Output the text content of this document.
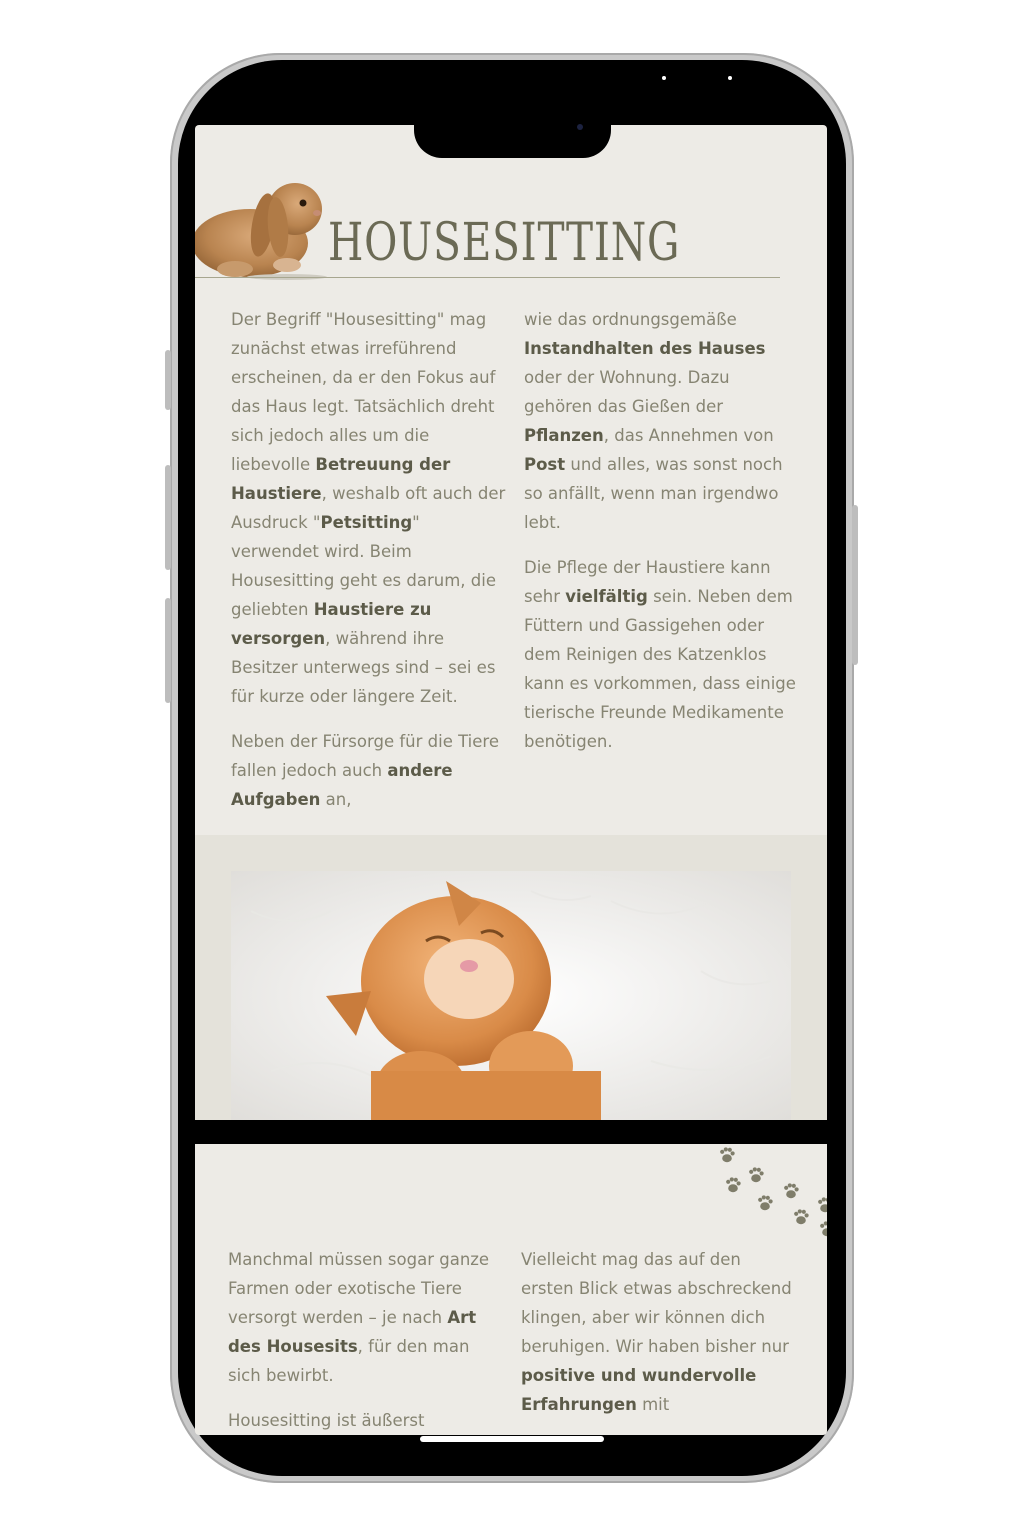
HOUSESITTING

Der Begriff "Housesitting" mag zunächst etwas irreführend erscheinen, da er den Fokus auf das Haus legt. Tatsächlich dreht sich jedoch alles um die liebevolle Betreuung der Haustiere, weshalb oft auch der Ausdruck "Petsitting" verwendet wird. Beim Housesitting geht es darum, die geliebten Haustiere zu versorgen, während ihre Besitzer unterwegs sind – sei es für kurze oder längere Zeit.

Neben der Fürsorge für die Tiere fallen jedoch auch andere Aufgaben an,

wie das ordnungsgemäße Instandhalten des Hauses oder der Wohnung. Dazu gehören das Gießen der Pflanzen, das Annehmen von Post und alles, was sonst noch so anfällt, wenn man irgendwo lebt.

Die Pflege der Haustiere kann sehr vielfältig sein. Neben dem Füttern und Gassigehen oder dem Reinigen des Katzenklos kann es vorkommen, dass einige tierische Freunde Medikamente benötigen.

Manchmal müssen sogar ganze Farmen oder exotische Tiere versorgt werden – je nach Art des Housesits, für den man sich bewirbt.

Housesitting ist äußerst

Vielleicht mag das auf den ersten Blick etwas abschreckend klingen, aber wir können dich beruhigen. Wir haben bisher nur positive und wundervolle Erfahrungen mit
